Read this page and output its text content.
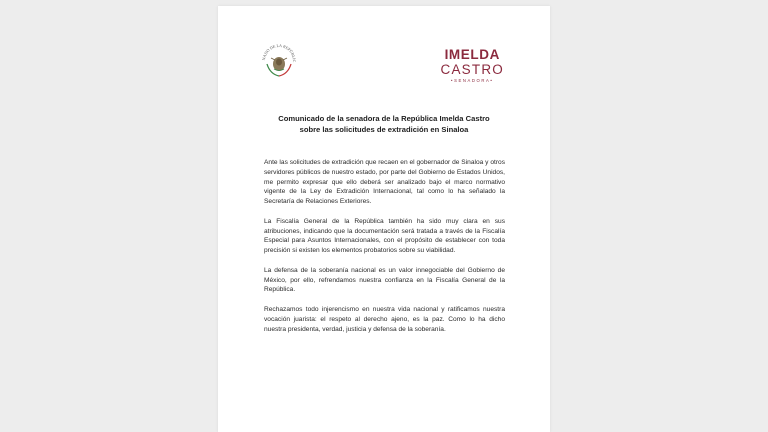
NADO DE LA REPÚBLIC	IMELDA
CASTRO
•SENADORA•
Comunicado de la senadora de la República Imelda Castro
sobre las solicitudes de extradición en Sinaloa

Ante las solicitudes de extradición que recaen en el gobernador de Sinaloa y otros servidores públicos de nuestro estado, por parte del Gobierno de Estados Unidos, me permito expresar que ello deberá ser analizado bajo el marco normativo vigente de la Ley de Extradición Internacional, tal como lo ha señalado la Secretaría de Relaciones Exteriores.

La Fiscalía General de la República también ha sido muy clara en sus atribuciones, indicando que la documentación será tratada a través de la Fiscalía Especial para Asuntos Internacionales, con el propósito de establecer con toda precisión si existen los elementos probatorios sobre su viabilidad.

La defensa de la soberanía nacional es un valor innegociable del Gobierno de México, por ello, refrendamos nuestra confianza en la Fiscalía General de la República.

Rechazamos todo injerencismo en nuestra vida nacional y ratificamos nuestra vocación juarista: el respeto al derecho ajeno, es la paz. Como lo ha dicho nuestra presidenta, verdad, justicia y defensa de la soberanía.
